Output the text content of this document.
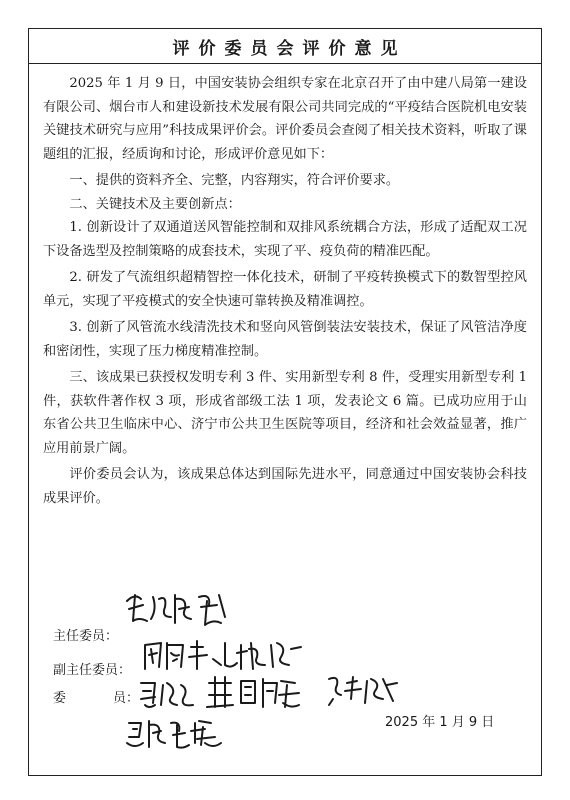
评价委员会评价意见

2025 年 1 月 9 日，中国安装协会组织专家在北京召开了由中建八局第一建设有限公司、烟台市人和建设新技术发展有限公司共同完成的“平疫结合医院机电安装关键技术研究与应用”科技成果评价会。评价委员会查阅了相关技术资料，听取了课题组的汇报，经质询和讨论，形成评价意见如下：

一、提供的资料齐全、完整，内容翔实，符合评价要求。

二、关键技术及主要创新点：

1. 创新设计了双通道送风智能控制和双排风系统耦合方法，形成了适配双工况下设备选型及控制策略的成套技术，实现了平、疫负荷的精准匹配。

2. 研发了气流组织超精智控一体化技术，研制了平疫转换模式下的数智型控风单元，实现了平疫模式的安全快速可靠转换及精准调控。

3. 创新了风管流水线清洗技术和竖向风管倒装法安装技术，保证了风管洁净度和密闭性，实现了压力梯度精准控制。

三、该成果已获授权发明专利 3 件、实用新型专利 8 件，受理实用新型专利 1 件，获软件著作权 3 项，形成省部级工法 1 项，发表论文 6 篇。已成功应用于山东省公共卫生临床中心、济宁市公共卫生医院等项目，经济和社会效益显著，推广应用前景广阔。

评价委员会认为，该成果总体达到国际先进水平，同意通过中国安装协会科技成果评价。

主任委员：
副主任委员：
委	员：
2025 年 1 月 9 日
